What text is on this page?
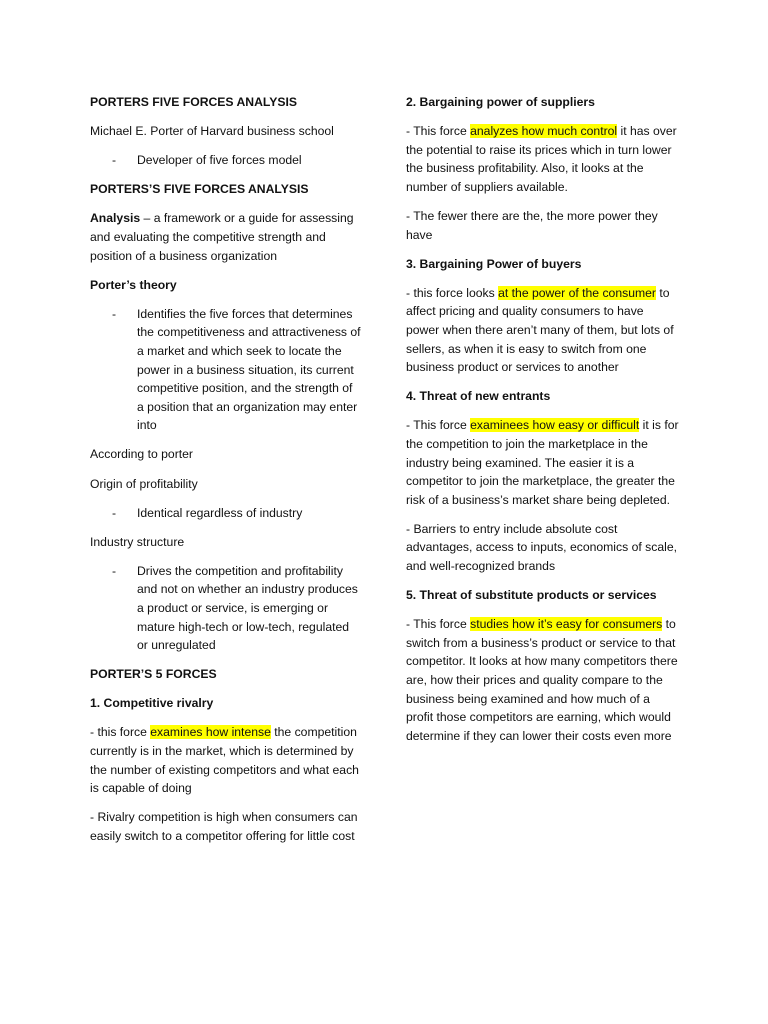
PORTERS FIVE FORCES ANALYSIS

Michael E. Porter of Harvard business school

- Developer of five forces model

PORTERS’S FIVE FORCES ANALYSIS

Analysis – a framework or a guide for assessing and evaluating the competitive strength and position of a business organization

Porter’s theory

- Identifies the five forces that determines the competitiveness and attractiveness of a market and which seek to locate the power in a business situation, its current competitive position, and the strength of a position that an organization may enter into

According to porter

Origin of profitability

- Identical regardless of industry

Industry structure

- Drives the competition and profitability and not on whether an industry produces a product or service, is emerging or mature high-tech or low-tech, regulated or unregulated

PORTER’S 5 FORCES

1. Competitive rivalry

- this force examines how intense the competition currently is in the market, which is determined by the number of existing competitors and what each is capable of doing

- Rivalry competition is high when consumers can easily switch to a competitor offering for little cost

2. Bargaining power of suppliers

- This force analyzes how much control it has over the potential to raise its prices which in turn lower the business profitability. Also, it looks at the number of suppliers available.

- The fewer there are the, the more power they have

3. Bargaining Power of buyers

- this force looks at the power of the consumer to affect pricing and quality consumers to have power when there aren’t many of them, but lots of sellers, as when it is easy to switch from one business product or services to another

4. Threat of new entrants

- This force examinees how easy or difficult it is for the competition to join the marketplace in the industry being examined. The easier it is a competitor to join the marketplace, the greater the risk of a business’s market share being depleted.

- Barriers to entry include absolute cost advantages, access to inputs, economics of scale, and well-recognized brands

5. Threat of substitute products or services

- This force studies how it’s easy for consumers to switch from a business’s product or service to that competitor. It looks at how many competitors there are, how their prices and quality compare to the business being examined and how much of a profit those competitors are earning, which would determine if they can lower their costs even more
